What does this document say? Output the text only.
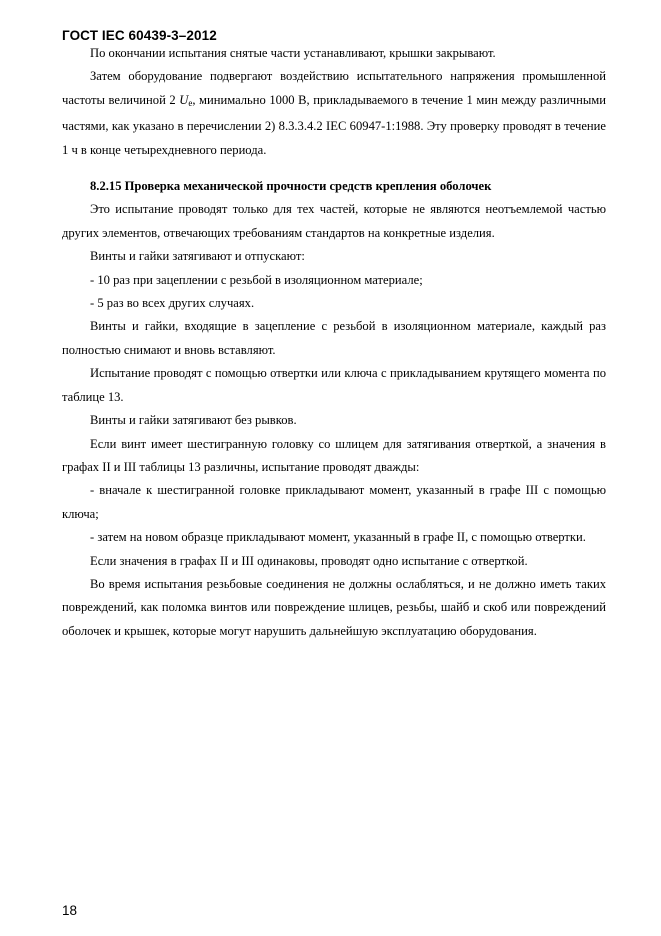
ГОСТ IEC 60439-3–2012

По окончании испытания снятые части устанавливают, крышки закрывают.

Затем оборудование подвергают воздействию испытательного напряжения промышленной частоты величиной 2 $U_e$, минимально 1000 В, прикладываемого в течение 1 мин между различными частями, как указано в перечислении 2) 8.3.3.4.2 IEC 60947-1:1988. Эту проверку проводят в течение 1 ч в конце четырехдневного периода.

8.2.15 Проверка механической прочности средств крепления оболочек

Это испытание проводят только для тех частей, которые не являются неотъемлемой частью других элементов, отвечающих требованиям стандартов на конкретные изделия.

Винты и гайки затягивают и отпускают:

- 10 раз при зацеплении с резьбой в изоляционном материале;

- 5 раз во всех других случаях.

Винты и гайки, входящие в зацепление с резьбой в изоляционном материале, каждый раз полностью снимают и вновь вставляют.

Испытание проводят с помощью отвертки или ключа с прикладыванием крутящего момента по таблице 13.

Винты и гайки затягивают без рывков.

Если винт имеет шестигранную головку со шлицем для затягивания отверткой, а значения в графах II и III таблицы 13 различны, испытание проводят дважды:

- вначале к шестигранной головке прикладывают момент, указанный в графе III с помощью ключа;

- затем на новом образце прикладывают момент, указанный в графе II, с помощью отвертки.

Если значения в графах II и III одинаковы, проводят одно испытание с отверткой.

Во время испытания резьбовые соединения не должны ослабляться, и не должно иметь таких повреждений, как поломка винтов или повреждение шлицев, резьбы, шайб и скоб или повреждений оболочек и крышек, которые могут нарушить дальнейшую эксплуатацию оборудования.

18
